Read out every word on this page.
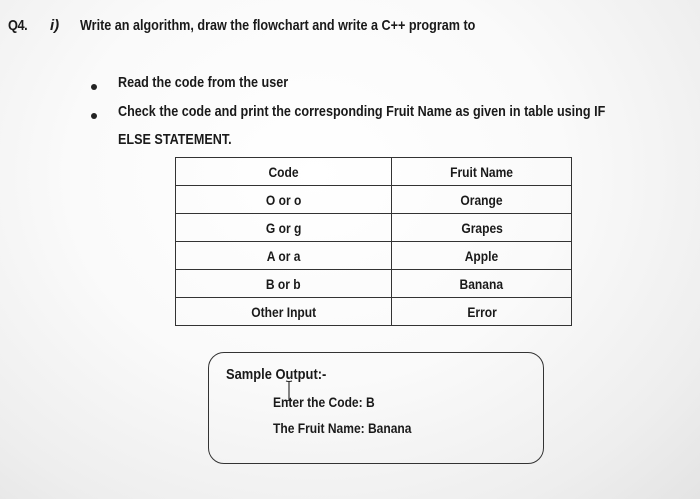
Q4. i) Write an algorithm, draw the flowchart and write a C++ program to
Read the code from the user
Check the code and print the corresponding Fruit Name as given in table using IF
ELSE STATEMENT.
Code	Fruit Name
O or o	Orange
G or g	Grapes
A or a	Apple
B or b	Banana
Other Input	Error
Sample Output:-
Enter the Code: B
The Fruit Name: Banana
